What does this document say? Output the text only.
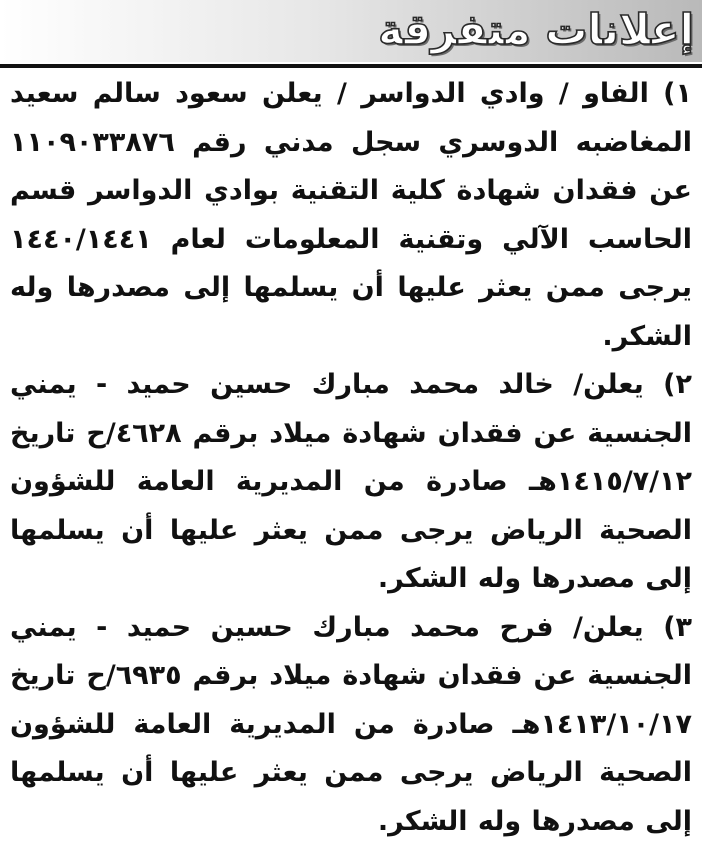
إعلانات متفرقة

١) الفاو / وادي الدواسر / يعلن سعود سالم سعيد المغاضبه الدوسري سجل مدني رقم ١١٠٩٠٣٣٨٧٦ عن فقدان شهادة كلية التقنية بوادي الدواسر قسم الحاسب الآلي وتقنية المعلومات لعام ١٤٤٠/١٤٤١ يرجى ممن يعثر عليها أن يسلمها إلى مصدرها وله الشكر.

٢) يعلن/ خالد محمد مبارك حسين حميد - يمني الجنسية عن فقدان شهادة ميلاد برقم ٤٦٢٨/ح تاريخ ١٤١٥/٧/١٢هـ صادرة من المديرية العامة للشؤون الصحية الرياض يرجى ممن يعثر عليها أن يسلمها إلى مصدرها وله الشكر.

٣) يعلن/ فرح محمد مبارك حسين حميد - يمني الجنسية عن فقدان شهادة ميلاد برقم ٦٩٣٥/ح تاريخ ١٤١٣/١٠/١٧هـ صادرة من المديرية العامة للشؤون الصحية الرياض يرجى ممن يعثر عليها أن يسلمها إلى مصدرها وله الشكر.
